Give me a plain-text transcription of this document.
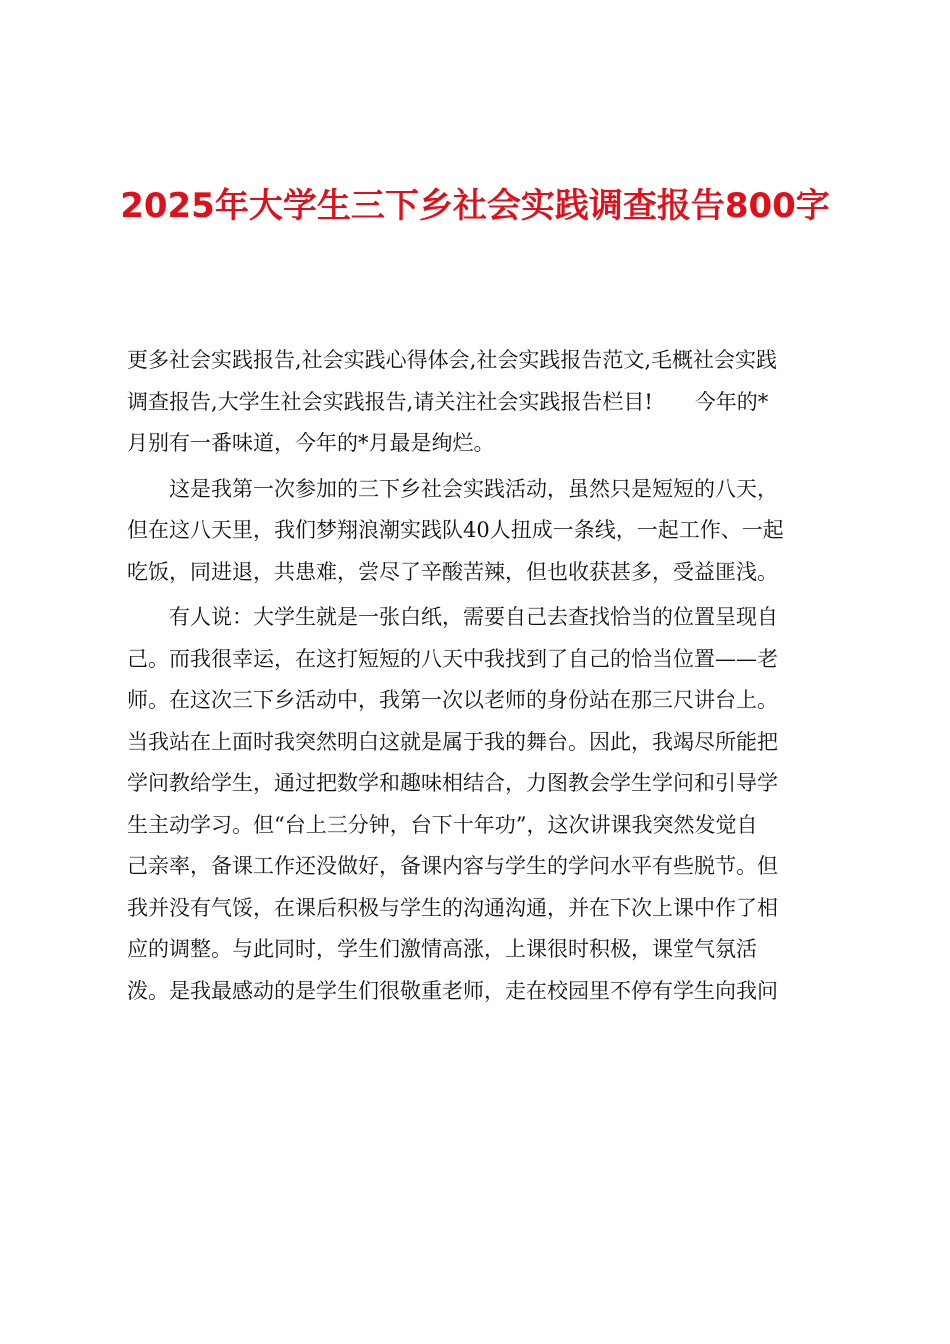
2025年大学生三下乡社会实践调查报告800字

更多社会实践报告,社会实践心得体会,社会实践报告范文,毛概社会实践
调查报告,大学生社会实践报告,请关注社会实践报告栏目!　　今年的*
月别有一番味道，今年的*月最是绚烂。

　　这是我第一次参加的三下乡社会实践活动，虽然只是短短的八天，
但在这八天里，我们梦翔浪潮实践队40人扭成一条线，一起工作、一起
吃饭，同进退，共患难，尝尽了辛酸苦辣，但也收获甚多，受益匪浅。

　　有人说：大学生就是一张白纸，需要自己去查找恰当的位置呈现自
己。而我很幸运，在这打短短的八天中我找到了自己的恰当位置——老
师。在这次三下乡活动中，我第一次以老师的身份站在那三尺讲台上。
当我站在上面时我突然明白这就是属于我的舞台。因此，我竭尽所能把
学问教给学生，通过把数学和趣味相结合，力图教会学生学问和引导学
生主动学习。但“台上三分钟，台下十年功”，这次讲课我突然发觉自
己亲率，备课工作还没做好，备课内容与学生的学问水平有些脱节。但
我并没有气馁，在课后积极与学生的沟通沟通，并在下次上课中作了相
应的调整。与此同时，学生们激情高涨，上课很时积极，课堂气氛活
泼。是我最感动的是学生们很敬重老师，走在校园里不停有学生向我问
